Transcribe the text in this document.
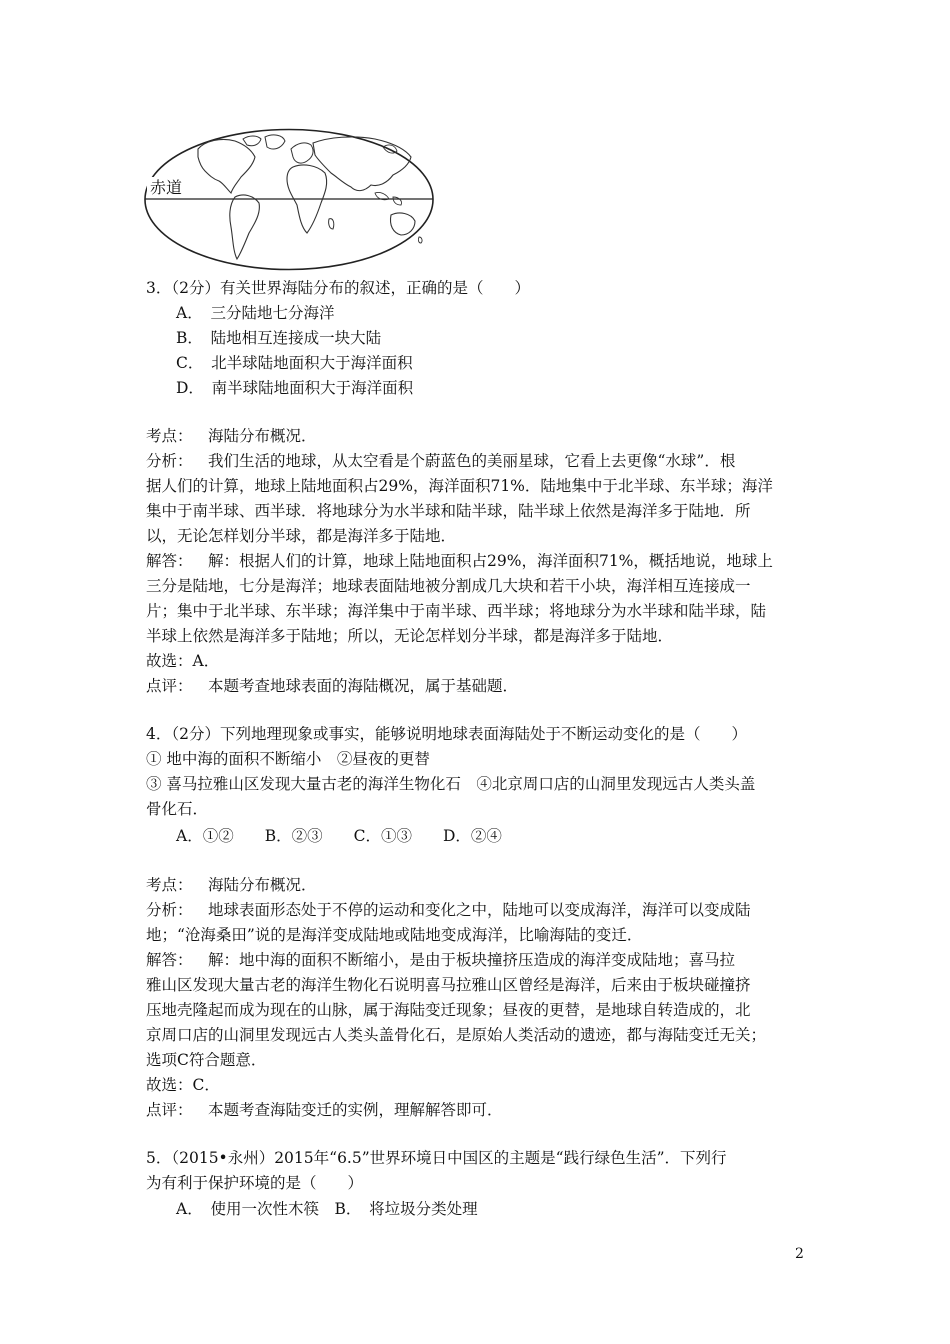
赤道
3．（2分）有关世界海陆分布的叙述，正确的是（　　）
A．　三分陆地七分海洋
B．　陆地相互连接成一块大陆
C．　北半球陆地面积大于海洋面积
D．　南半球陆地面积大于海洋面积
考点： 海陆分布概况．
分析： 我们生活的地球，从太空看是个蔚蓝色的美丽星球，它看上去更像“水球”．根
据人们的计算，地球上陆地面积占29%，海洋面积71%．陆地集中于北半球、东半球；海洋
集中于南半球、西半球．将地球分为水半球和陆半球，陆半球上依然是海洋多于陆地．所
以，无论怎样划分半球，都是海洋多于陆地．
解答： 解：根据人们的计算，地球上陆地面积占29%，海洋面积71%，概括地说，地球上
三分是陆地，七分是海洋；地球表面陆地被分割成几大块和若干小块，海洋相互连接成一
片；集中于北半球、东半球；海洋集中于南半球、西半球；将地球分为水半球和陆半球，陆
半球上依然是海洋多于陆地；所以，无论怎样划分半球，都是海洋多于陆地．
故选：A．
点评： 本题考查地球表面的海陆概况，属于基础题．
4．（2分）下列地理现象或事实，能够说明地球表面海陆处于不断运动变化的是（　　）
① 地中海的面积不断缩小　②昼夜的更替
③ 喜马拉雅山区发现大量古老的海洋生物化石　④北京周口店的山洞里发现远古人类头盖
骨化石．
A．①②　　B．②③　　C．①③　　D．②④
考点： 海陆分布概况．
分析： 地球表面形态处于不停的运动和变化之中，陆地可以变成海洋，海洋可以变成陆
地；“沧海桑田”说的是海洋变成陆地或陆地变成海洋，比喻海陆的变迁．
解答： 解：地中海的面积不断缩小，是由于板块撞挤压造成的海洋变成陆地；喜马拉
雅山区发现大量古老的海洋生物化石说明喜马拉雅山区曾经是海洋，后来由于板块碰撞挤
压地壳隆起而成为现在的山脉，属于海陆变迁现象；昼夜的更替，是地球自转造成的，北
京周口店的山洞里发现远古人类头盖骨化石，是原始人类活动的遗迹，都与海陆变迁无关；
选项C符合题意．
故选：C．
点评： 本题考查海陆变迁的实例，理解解答即可．
5．（2015•永州）2015年“6.5”世界环境日中国区的主题是“践行绿色生活”．下列行
为有利于保护环境的是（　　）
A．　使用一次性木筷　B．　将垃圾分类处理
2
